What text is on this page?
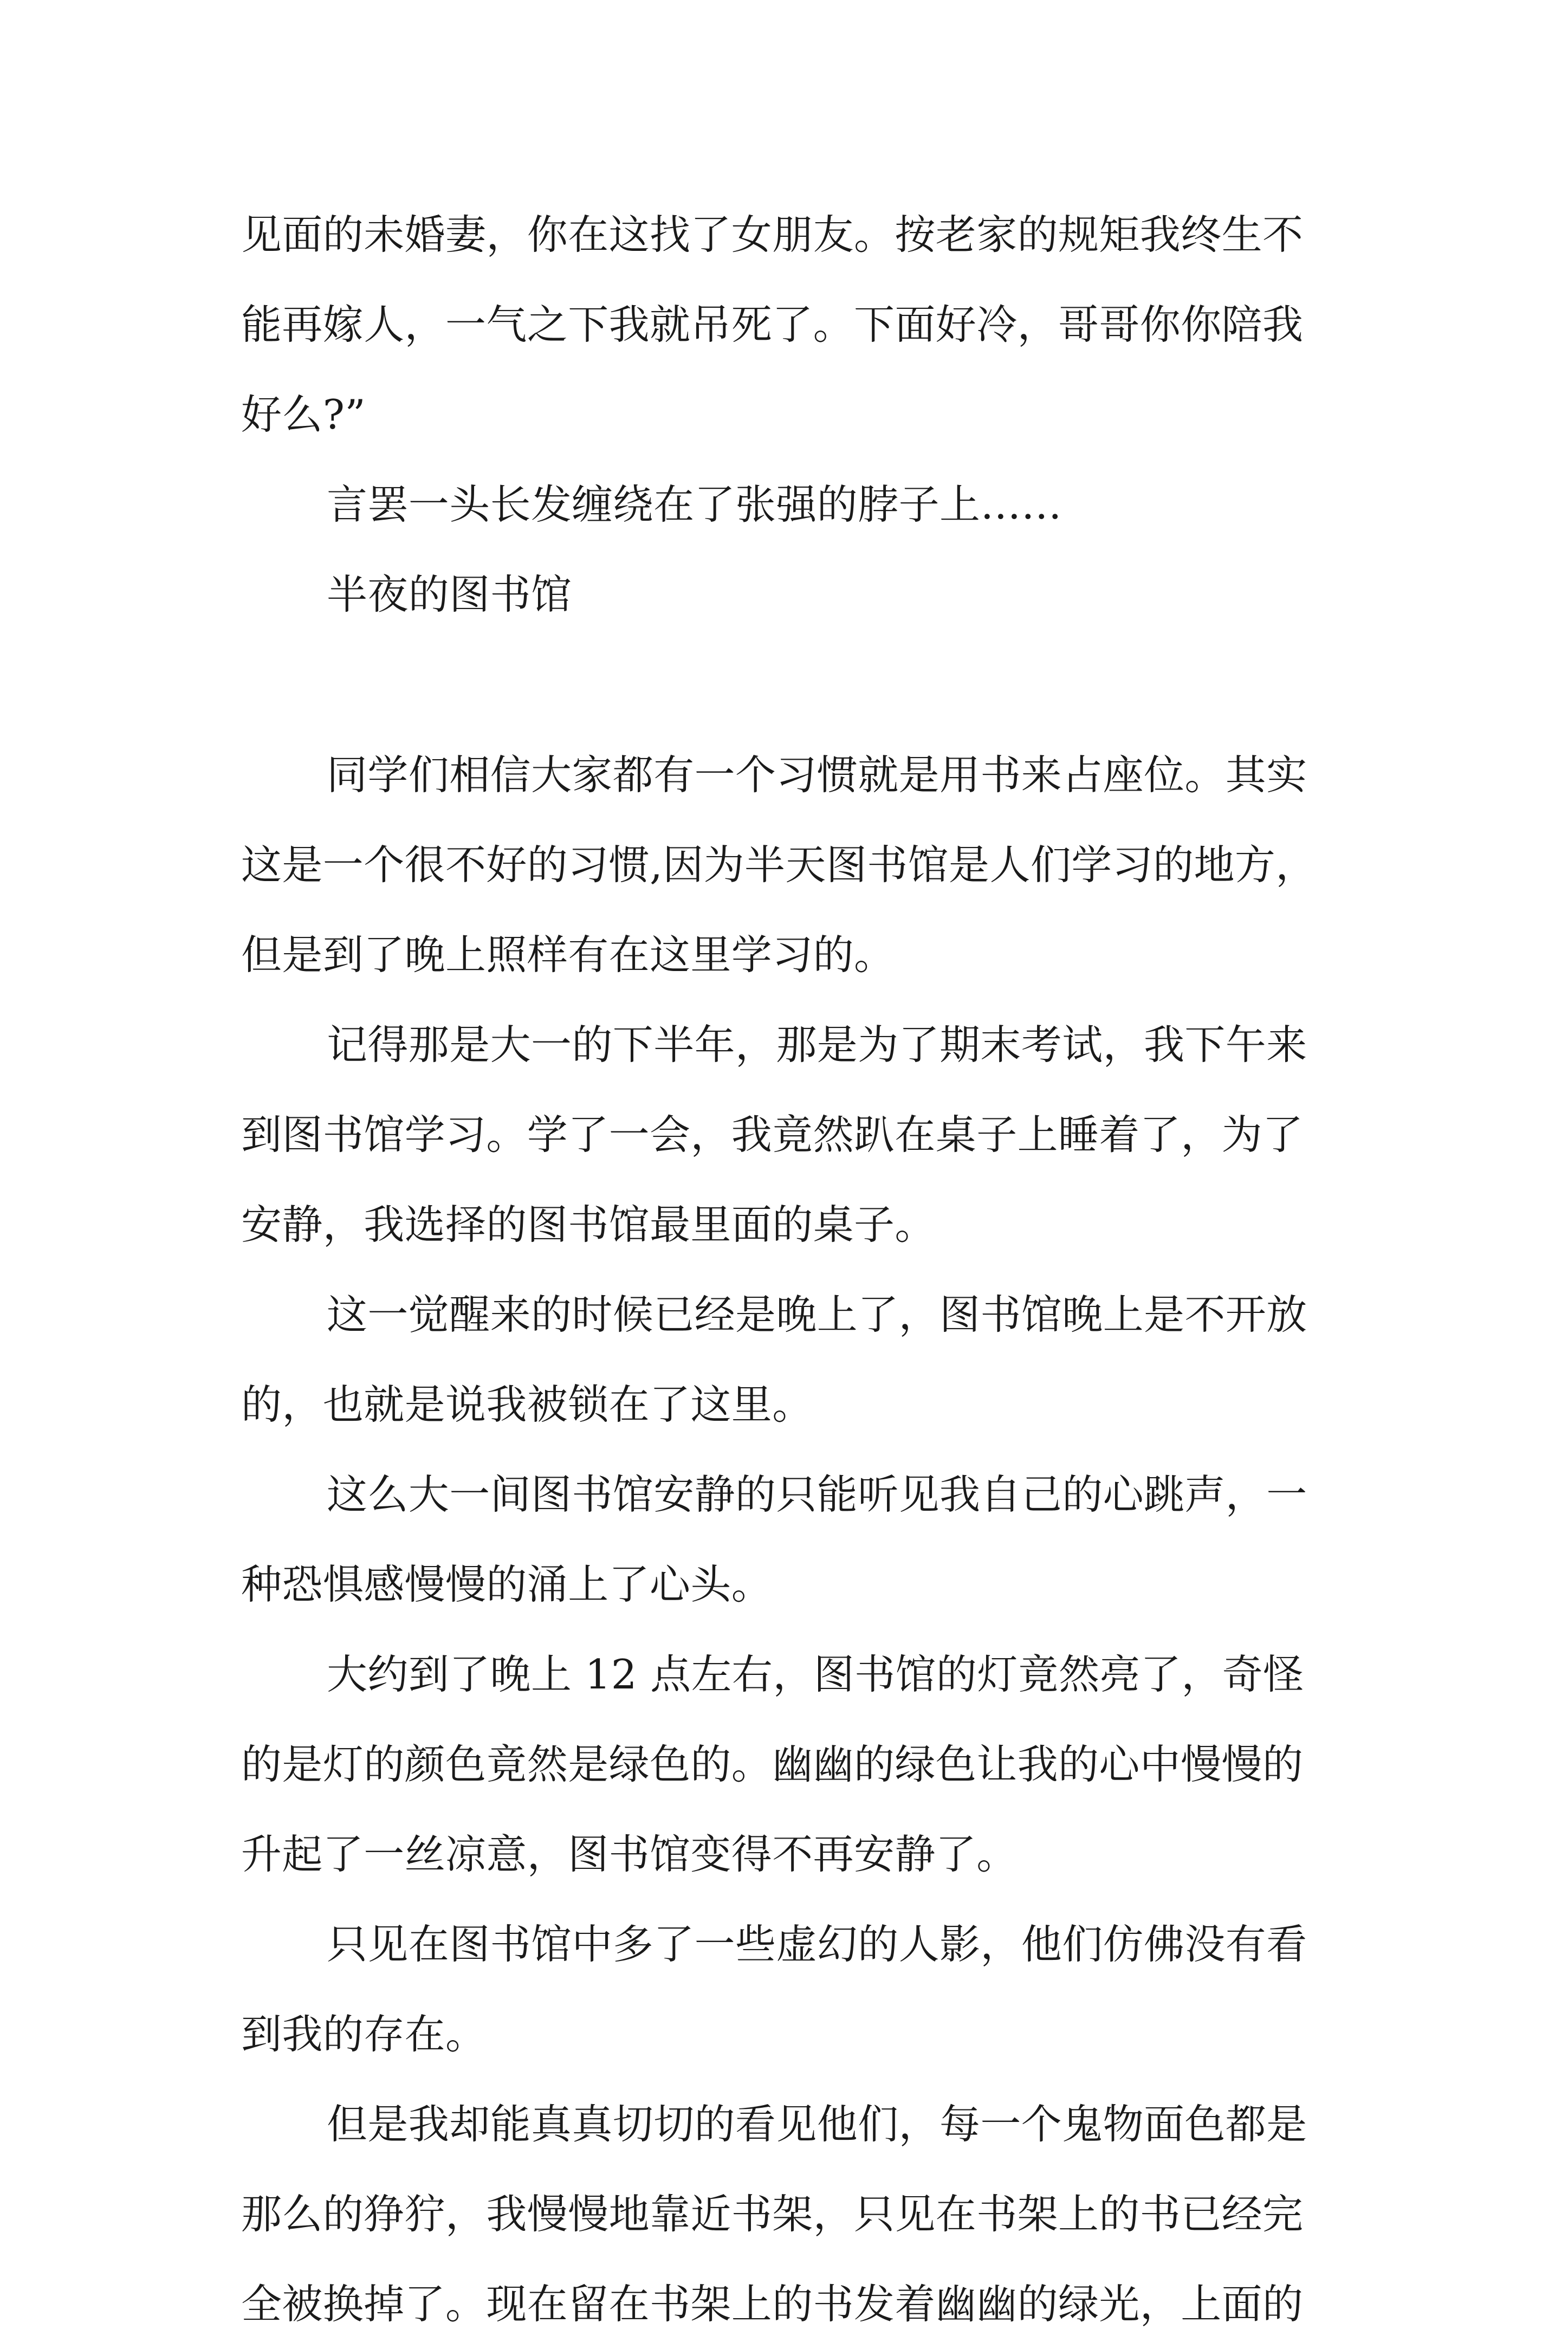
见面的未婚妻，你在这找了女朋友。按老家的规矩我终生不
能再嫁人，一气之下我就吊死了。下面好冷，哥哥你你陪我
好么?”
言罢一头长发缠绕在了张强的脖子上……
半夜的图书馆
同学们相信大家都有一个习惯就是用书来占座位。其实
这是一个很不好的习惯,因为半天图书馆是人们学习的地方，
但是到了晚上照样有在这里学习的。
记得那是大一的下半年，那是为了期末考试，我下午来
到图书馆学习。学了一会，我竟然趴在桌子上睡着了，为了
安静，我选择的图书馆最里面的桌子。
这一觉醒来的时候已经是晚上了，图书馆晚上是不开放
的，也就是说我被锁在了这里。
这么大一间图书馆安静的只能听见我自己的心跳声，一
种恐惧感慢慢的涌上了心头。
大约到了晚上 12 点左右，图书馆的灯竟然亮了，奇怪
的是灯的颜色竟然是绿色的。幽幽的绿色让我的心中慢慢的
升起了一丝凉意，图书馆变得不再安静了。
只见在图书馆中多了一些虚幻的人影，他们仿佛没有看
到我的存在。
但是我却能真真切切的看见他们，每一个鬼物面色都是
那么的狰狞，我慢慢地靠近书架，只见在书架上的书已经完
全被换掉了。现在留在书架上的书发着幽幽的绿光，上面的
